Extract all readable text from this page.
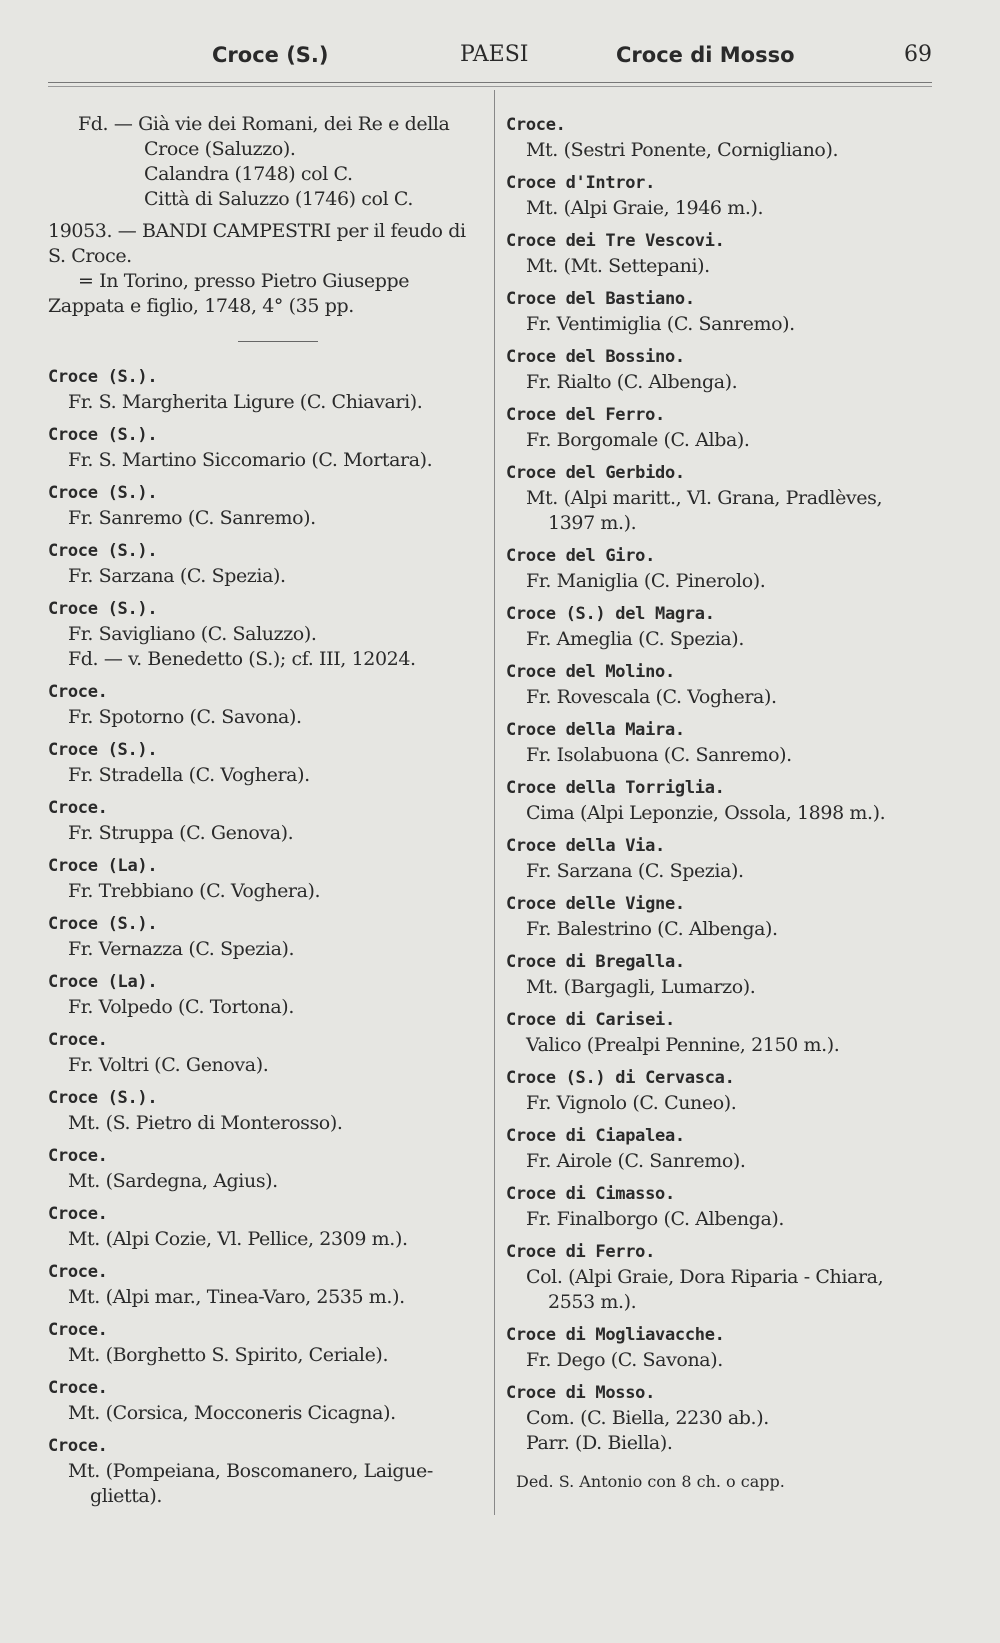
Croce (S.)	PAESI	Croce di Mosso	69
Fd. — Già vie dei Romani, dei Re e della
Croce (Saluzzo).
Calandra (1748) col C.
Città di Saluzzo (1746) col C.
19053. — BANDI CAMPESTRI per il feudo di
S. Croce.
= In Torino, presso Pietro Giuseppe
Zappata e figlio, 1748, 4° (35 pp.
Croce (S.).
Fr. S. Margherita Ligure (C. Chiavari).
Croce (S.).
Fr. S. Martino Siccomario (C. Mortara).
Croce (S.).
Fr. Sanremo (C. Sanremo).
Croce (S.).
Fr. Sarzana (C. Spezia).
Croce (S.).
Fr. Savigliano (C. Saluzzo).
Fd. — v. Benedetto (S.); cf. III, 12024.
Croce.
Fr. Spotorno (C. Savona).
Croce (S.).
Fr. Stradella (C. Voghera).
Croce.
Fr. Struppa (C. Genova).
Croce (La).
Fr. Trebbiano (C. Voghera).
Croce (S.).
Fr. Vernazza (C. Spezia).
Croce (La).
Fr. Volpedo (C. Tortona).
Croce.
Fr. Voltri (C. Genova).
Croce (S.).
Mt. (S. Pietro di Monterosso).
Croce.
Mt. (Sardegna, Agius).
Croce.
Mt. (Alpi Cozie, Vl. Pellice, 2309 m.).
Croce.
Mt. (Alpi mar., Tinea-Varo, 2535 m.).
Croce.
Mt. (Borghetto S. Spirito, Ceriale).
Croce.
Mt. (Corsica, Mocconeris Cicagna).
Croce.
Mt. (Pompeiana, Boscomanero, Laigue-
glietta).
Croce.
Mt. (Sestri Ponente, Cornigliano).
Croce d'Intror.
Mt. (Alpi Graie, 1946 m.).
Croce dei Tre Vescovi.
Mt. (Mt. Settepani).
Croce del Bastiano.
Fr. Ventimiglia (C. Sanremo).
Croce del Bossino.
Fr. Rialto (C. Albenga).
Croce del Ferro.
Fr. Borgomale (C. Alba).
Croce del Gerbido.
Mt. (Alpi maritt., Vl. Grana, Pradlèves,
1397 m.).
Croce del Giro.
Fr. Maniglia (C. Pinerolo).
Croce (S.) del Magra.
Fr. Ameglia (C. Spezia).
Croce del Molino.
Fr. Rovescala (C. Voghera).
Croce della Maira.
Fr. Isolabuona (C. Sanremo).
Croce della Torriglia.
Cima (Alpi Leponzie, Ossola, 1898 m.).
Croce della Via.
Fr. Sarzana (C. Spezia).
Croce delle Vigne.
Fr. Balestrino (C. Albenga).
Croce di Bregalla.
Mt. (Bargagli, Lumarzo).
Croce di Carisei.
Valico (Prealpi Pennine, 2150 m.).
Croce (S.) di Cervasca.
Fr. Vignolo (C. Cuneo).
Croce di Ciapalea.
Fr. Airole (C. Sanremo).
Croce di Cimasso.
Fr. Finalborgo (C. Albenga).
Croce di Ferro.
Col. (Alpi Graie, Dora Riparia - Chiara,
2553 m.).
Croce di Mogliavacche.
Fr. Dego (C. Savona).
Croce di Mosso.
Com. (C. Biella, 2230 ab.).
Parr. (D. Biella).
Ded. S. Antonio con 8 ch. o capp.
